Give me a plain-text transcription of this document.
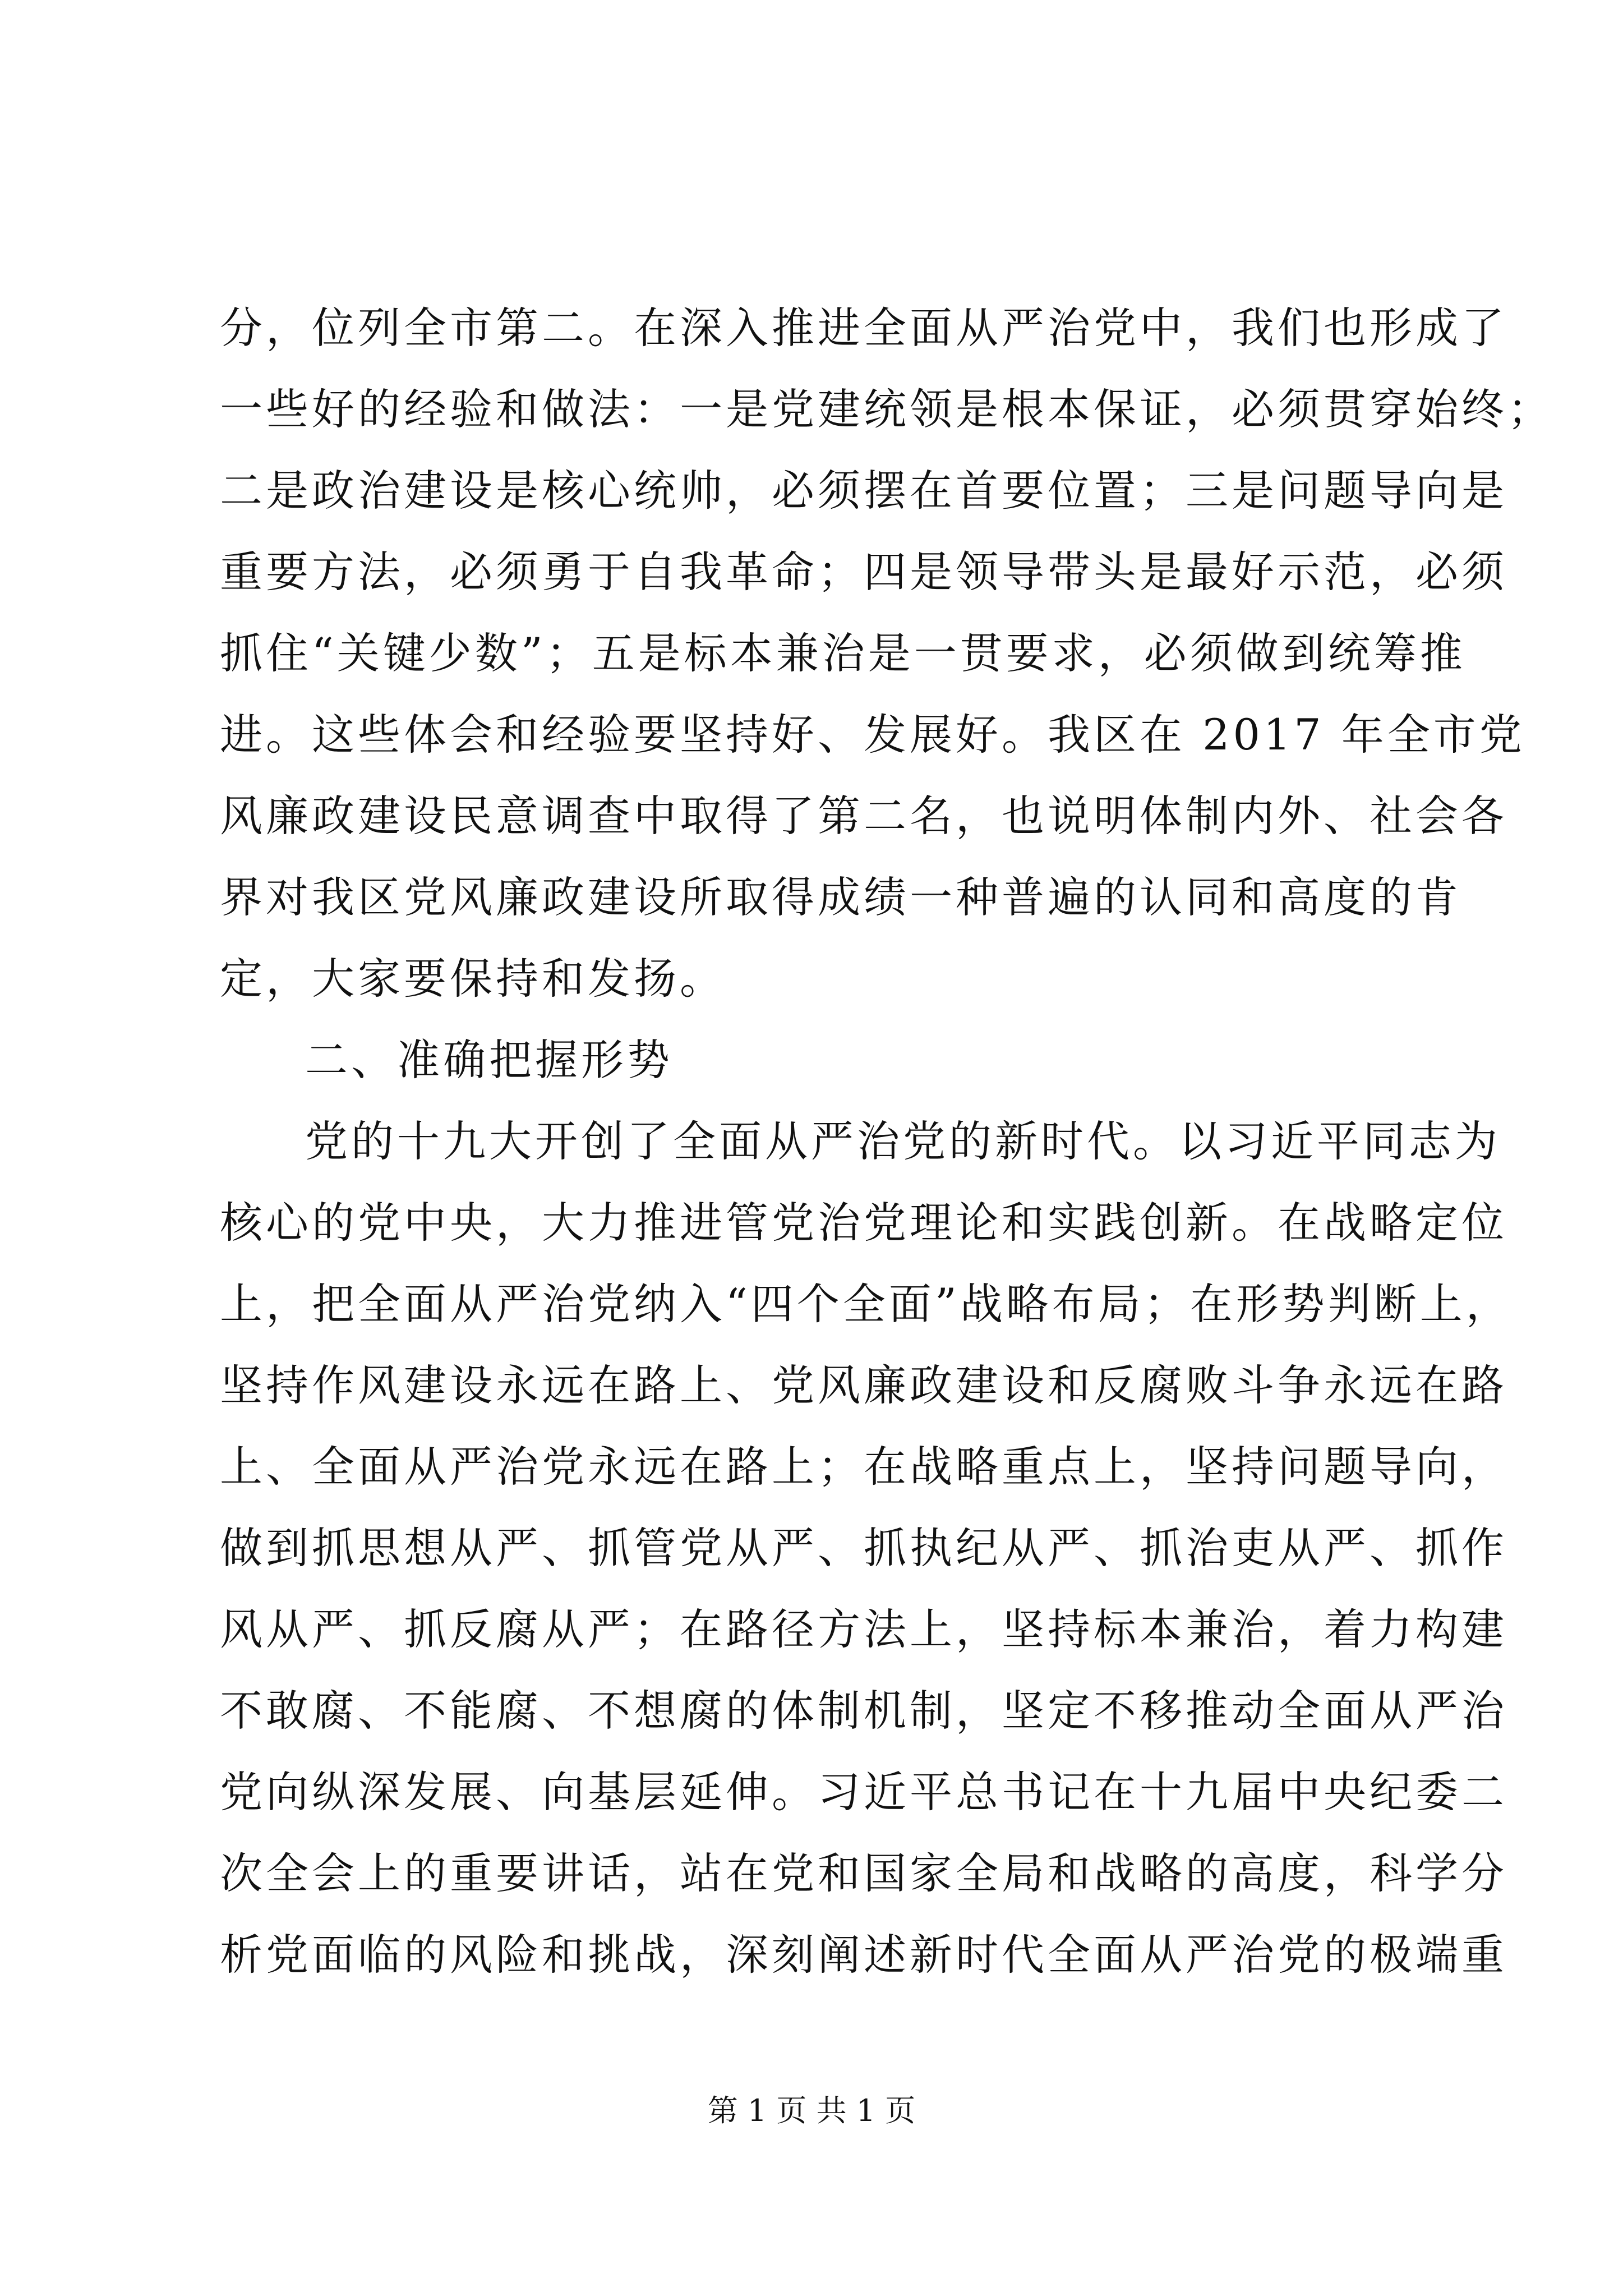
分，位列全市第二。在深入推进全面从严治党中，我们也形成了
一些好的经验和做法：一是党建统领是根本保证，必须贯穿始终；
二是政治建设是核心统帅，必须摆在首要位置；三是问题导向是
重要方法，必须勇于自我革命；四是领导带头是最好示范，必须
抓住“关键少数”；五是标本兼治是一贯要求，必须做到统筹推
进。这些体会和经验要坚持好、发展好。我区在 2017 年全市党
风廉政建设民意调查中取得了第二名，也说明体制内外、社会各
界对我区党风廉政建设所取得成绩一种普遍的认同和高度的肯
定，大家要保持和发扬。
二、准确把握形势
党的十九大开创了全面从严治党的新时代。以习近平同志为
核心的党中央，大力推进管党治党理论和实践创新。在战略定位
上，把全面从严治党纳入“四个全面”战略布局；在形势判断上，
坚持作风建设永远在路上、党风廉政建设和反腐败斗争永远在路
上、全面从严治党永远在路上；在战略重点上，坚持问题导向，
做到抓思想从严、抓管党从严、抓执纪从严、抓治吏从严、抓作
风从严、抓反腐从严；在路径方法上，坚持标本兼治，着力构建
不敢腐、不能腐、不想腐的体制机制，坚定不移推动全面从严治
党向纵深发展、向基层延伸。习近平总书记在十九届中央纪委二
次全会上的重要讲话，站在党和国家全局和战略的高度，科学分
析党面临的风险和挑战，深刻阐述新时代全面从严治党的极端重
第 1 页 共 1 页
